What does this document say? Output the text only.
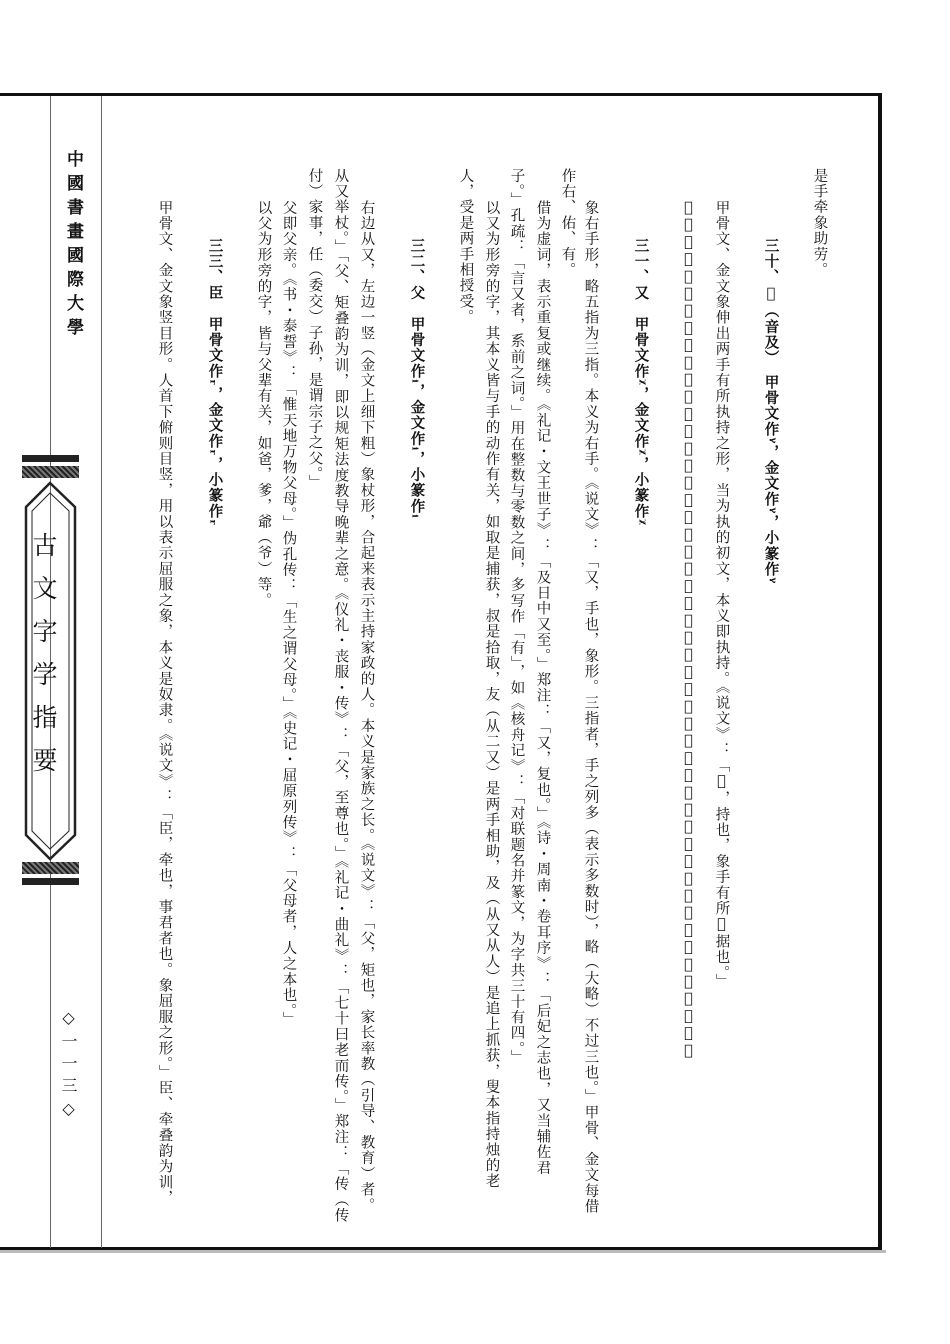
中國書畫國際大學
古文字学指要
◇一一三◇
是手牵象助劳。
三十、𠃨（音及）　甲骨文作ᵞ，金文作ᵞ，小篆作ᵞ
甲骨文、金文象伸出两手有所执持之形，当为执的初文，本义即执持。《说文》：「𠃨，持也，象手有所𠃨据也。」
𠃨只用作偏旁，楷书偏旁作「丸」，凡从丸的字，皆有以手做事之意，如埶（艺）是种植，孰是煮熟，執是拘捕。
三一、又　甲骨文作ᵡ，金文作ᵡ，小篆作ᵡ
象右手形，略五指为三指。本义为右手。《说文》：「又，手也，象形。三指者，手之列多（表示多数时），略（大略）不过三也。」甲骨、金文每借
作右、佑、有。
借为虚词，表示重复或继续。《礼记・文王世子》：「及日中又至。」郑注：「又，复也。」《诗・周南・卷耳序》：「后妃之志也，又当辅佐君
子。」孔疏：「言又者，系前之词。」用在整数与零数之间，多写作「有」，如《核舟记》：「对联题名并篆文，为字共三十有四。」
以又为形旁的字，其本义皆与手的动作有关，如取是捕获，叔是拾取，友（从二又）是两手相助，及（从又从人）是追上抓获，叟本指持烛的老
人，受是两手相授受。
三二、父　甲骨文作ᵢ，金文作ᵢ，小篆作ᵢ
右边从又，左边一竖（金文上细下粗）象杖形，合起来表示主持家政的人。本义是家族之长。《说文》：「父，矩也，家长率教（引导、教育）者。
从又举杖。」「父、矩叠韵为训，即以规矩法度教导晚辈之意。《仪礼・丧服・传》：「父，至尊也。」《礼记・曲礼》：「七十曰老而传。」郑注：「传（传
付）家事，任（委交）子孙，是谓宗子之父。」
父即父亲。《书・泰誓》：「惟天地万物父母。」伪孔传：「生之谓父母。」《史记・屈原列传》：「父母者，人之本也。」
以父为形旁的字，皆与父辈有关，如爸，爹，爺（爷）等。
三三、臣　甲骨文作ᵣ，金文作ᵣ，小篆作ᵣ
甲骨文、金文象竖目形。人首下俯则目竖，用以表示屈服之象，本义是奴隶。《说文》：「臣，牵也，事君者也。象屈服之形。」臣、牵叠韵为训，
